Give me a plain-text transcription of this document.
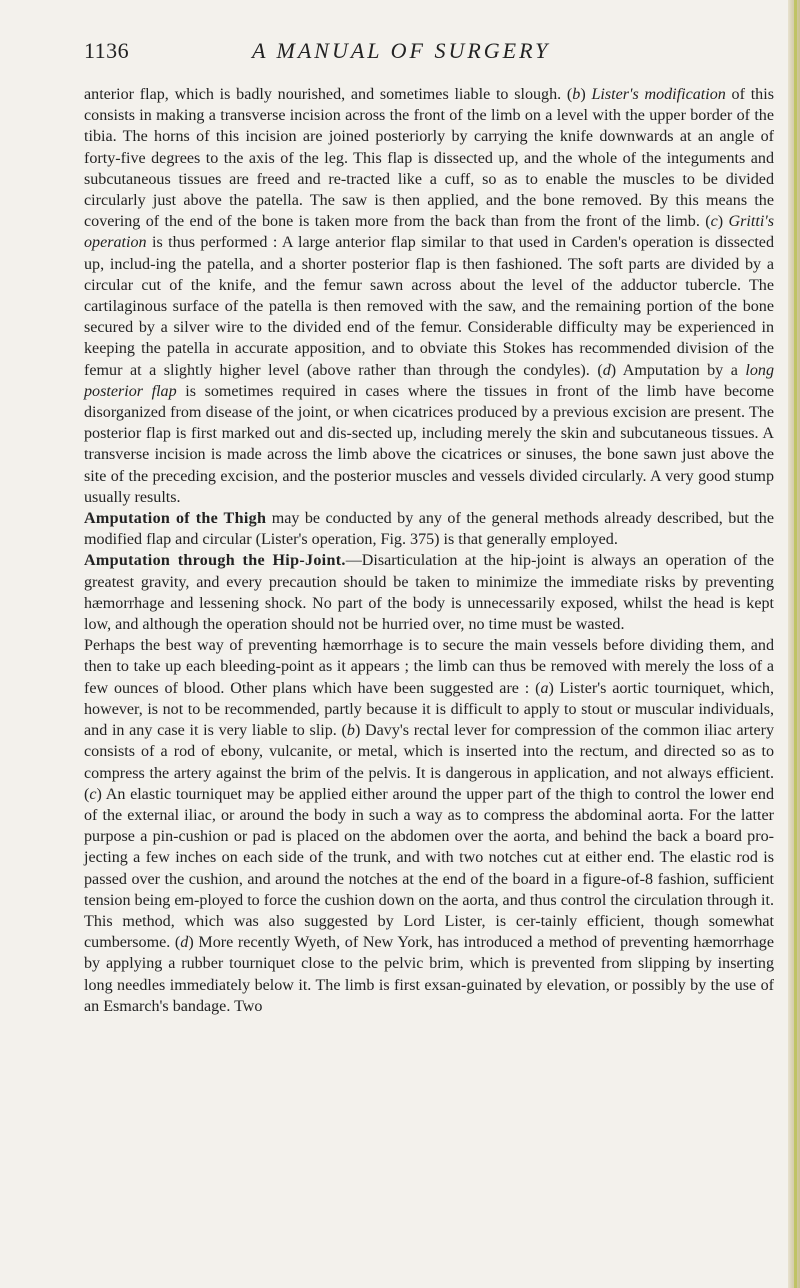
1136	A MANUAL OF SURGERY

anterior flap, which is badly nourished, and sometimes liable to slough. (b) Lister's modification of this consists in making a transverse incision across the front of the limb on a level with the upper border of the tibia. The horns of this incision are joined posteriorly by carrying the knife downwards at an angle of forty-five degrees to the axis of the leg. This flap is dissected up, and the whole of the integuments and subcutaneous tissues are freed and re-tracted like a cuff, so as to enable the muscles to be divided circularly just above the patella. The saw is then applied, and the bone removed. By this means the covering of the end of the bone is taken more from the back than from the front of the limb. (c) Gritti's operation is thus performed : A large anterior flap similar to that used in Carden's operation is dissected up, includ-ing the patella, and a shorter posterior flap is then fashioned. The soft parts are divided by a circular cut of the knife, and the femur sawn across about the level of the adductor tubercle. The cartilaginous surface of the patella is then removed with the saw, and the remaining portion of the bone secured by a silver wire to the divided end of the femur. Considerable difficulty may be experienced in keeping the patella in accurate apposition, and to obviate this Stokes has recommended division of the femur at a slightly higher level (above rather than through the condyles). (d) Amputation by a long posterior flap is sometimes required in cases where the tissues in front of the limb have become disorganized from disease of the joint, or when cicatrices produced by a previous excision are present. The posterior flap is first marked out and dis-sected up, including merely the skin and subcutaneous tissues. A transverse incision is made across the limb above the cicatrices or sinuses, the bone sawn just above the site of the preceding excision, and the posterior muscles and vessels divided circularly. A very good stump usually results.

Amputation of the Thigh may be conducted by any of the general methods already described, but the modified flap and circular (Lister's operation, Fig. 375) is that generally employed.

Amputation through the Hip-Joint.—Disarticulation at the hip-joint is always an operation of the greatest gravity, and every precaution should be taken to minimize the immediate risks by preventing hæmorrhage and lessening shock. No part of the body is unnecessarily exposed, whilst the head is kept low, and although the operation should not be hurried over, no time must be wasted.

Perhaps the best way of preventing hæmorrhage is to secure the main vessels before dividing them, and then to take up each bleeding-point as it appears ; the limb can thus be removed with merely the loss of a few ounces of blood. Other plans which have been suggested are : (a) Lister's aortic tourniquet, which, however, is not to be recommended, partly because it is difficult to apply to stout or muscular individuals, and in any case it is very liable to slip. (b) Davy's rectal lever for compression of the common iliac artery consists of a rod of ebony, vulcanite, or metal, which is inserted into the rectum, and directed so as to compress the artery against the brim of the pelvis. It is dangerous in application, and not always efficient. (c) An elastic tourniquet may be applied either around the upper part of the thigh to control the lower end of the external iliac, or around the body in such a way as to compress the abdominal aorta. For the latter purpose a pin-cushion or pad is placed on the abdomen over the aorta, and behind the back a board pro-jecting a few inches on each side of the trunk, and with two notches cut at either end. The elastic rod is passed over the cushion, and around the notches at the end of the board in a figure-of-8 fashion, sufficient tension being em-ployed to force the cushion down on the aorta, and thus control the circulation through it. This method, which was also suggested by Lord Lister, is cer-tainly efficient, though somewhat cumbersome. (d) More recently Wyeth, of New York, has introduced a method of preventing hæmorrhage by applying a rubber tourniquet close to the pelvic brim, which is prevented from slipping by inserting long needles immediately below it. The limb is first exsan-guinated by elevation, or possibly by the use of an Esmarch's bandage. Two
